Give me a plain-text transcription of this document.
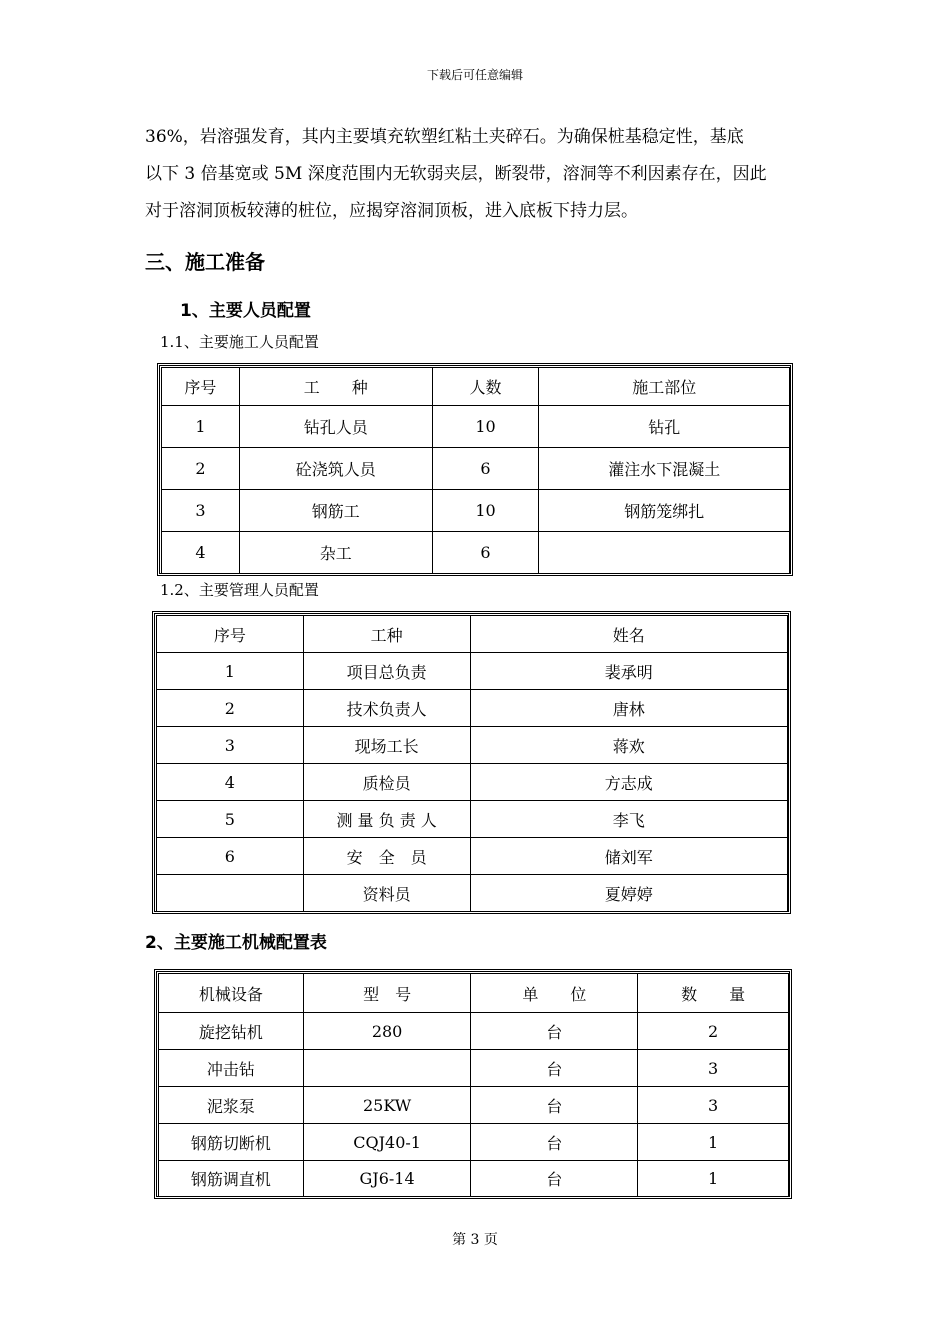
下载后可任意编辑
36%，岩溶强发育，其内主要填充软塑红粘土夹碎石。为确保桩基稳定性，基底
以下 3 倍基宽或 5M 深度范围内无软弱夹层，断裂带，溶洞等不利因素存在，因此
对于溶洞顶板较薄的桩位，应揭穿溶洞顶板，进入底板下持力层。
三、施工准备
1、主要人员配置
1.1、主要施工人员配置
序号	工　　种	人数	施工部位
1	钻孔人员	10	钻孔
2	砼浇筑人员	6	灌注水下混凝土
3	钢筋工	10	钢筋笼绑扎
4	杂工	6	
1.2、主要管理人员配置
序号	工种	姓名
1	项目总负责	裴承明
2	技术负责人	唐林
3	现场工长	蒋欢
4	质检员	方志成
5	测 量 负 责 人	李飞
6	安　全　员	储刘军
	资料员	夏婷婷
2、主要施工机械配置表
机械设备	型　号	单　　位	数　　量
旋挖钻机	280	台	2
冲击钻		台	3
泥浆泵	25KW	台	3
钢筋切断机	CQJ40-1	台	1
钢筋调直机	GJ6-14	台	1
第 3 页
